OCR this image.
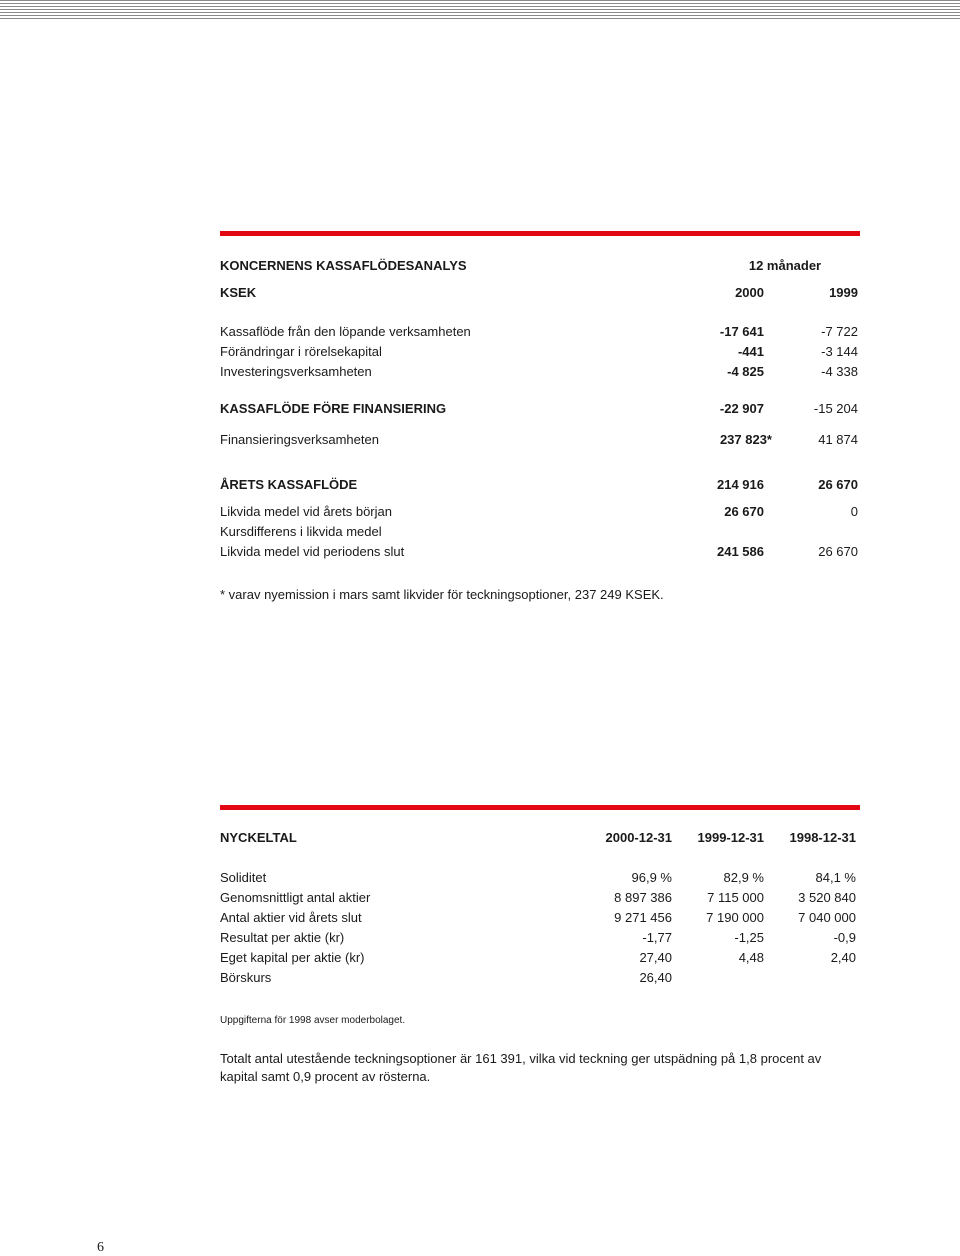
KONCERNENS KASSAFLÖDESANALYS	12 månader
KSEK	2000	1999
Kassaflöde från den löpande verksamheten	-17 641	-7 722
Förändringar i rörelsekapital	-441	-3 144
Investeringsverksamheten	-4 825	-4 338
KASSAFLÖDE FÖRE FINANSIERING	-22 907	-15 204
Finansieringsverksamheten	237 823*	41 874
ÅRETS KASSAFLÖDE	214 916	26 670
Likvida medel vid årets början	26 670	0
Kursdifferens i likvida medel
Likvida medel vid periodens slut	241 586	26 670
* varav nyemission i mars samt likvider för teckningsoptioner, 237 249 KSEK.
NYCKELTAL	2000-12-31	1999-12-31	1998-12-31
Soliditet	96,9 %	82,9 %	84,1 %
Genomsnittligt antal aktier	8 897 386	7 115 000	3 520 840
Antal aktier vid årets slut	9 271 456	7 190 000	7 040 000
Resultat per aktie (kr)	-1,77	-1,25	-0,9
Eget kapital per aktie (kr)	27,40	4,48	2,40
Börskurs	26,40
Uppgifterna för 1998 avser moderbolaget.
Totalt antal utestående teckningsoptioner är 161 391, vilka vid teckning ger utspädning på 1,8 procent av
kapital samt 0,9 procent av rösterna.
6
